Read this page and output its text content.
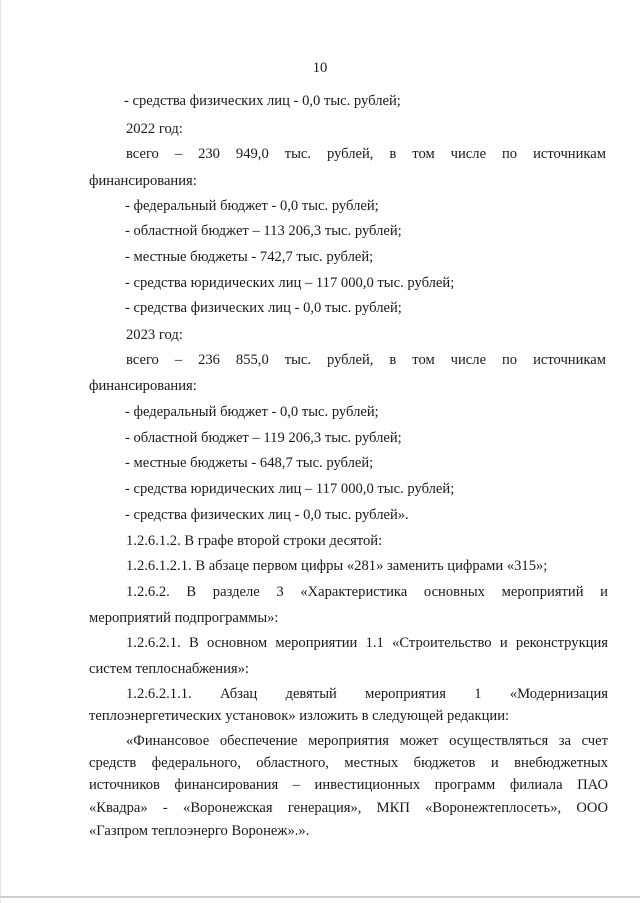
10

- средства физических лиц - 0,0 тыс. рублей;

2022 год:

всего – 230 949,0 тыс. рублей, в том числе по источникам

финансирования:

- федеральный бюджет - 0,0 тыс. рублей;

- областной бюджет – 113 206,3 тыс. рублей;

- местные бюджеты - 742,7 тыс. рублей;

- средства юридических лиц – 117 000,0 тыс. рублей;

- средства физических лиц - 0,0 тыс. рублей;

2023 год:

всего – 236 855,0 тыс. рублей, в том числе по источникам

финансирования:

- федеральный бюджет - 0,0 тыс. рублей;

- областной бюджет – 119 206,3 тыс. рублей;

- местные бюджеты - 648,7 тыс. рублей;

- средства юридических лиц – 117 000,0 тыс. рублей;

- средства физических лиц - 0,0 тыс. рублей».

1.2.6.1.2. В графе второй строки десятой:

1.2.6.1.2.1. В абзаце первом цифры «281» заменить цифрами «315»;

1.2.6.2. В разделе 3 «Характеристика основных мероприятий и

мероприятий подпрограммы»:

1.2.6.2.1. В основном мероприятии 1.1 «Строительство и реконструкция

систем теплоснабжения»:

1.2.6.2.1.1. Абзац девятый мероприятия 1 «Модернизация

теплоэнергетических установок» изложить в следующей редакции:

«Финансовое обеспечение мероприятия может осуществляться за счет

средств федерального, областного, местных бюджетов и внебюджетных

источников финансирования – инвестиционных программ филиала ПАО

«Квадра» - «Воронежская генерация», МКП «Воронежтеплосеть», ООО

«Газпром теплоэнерго Воронеж».».
